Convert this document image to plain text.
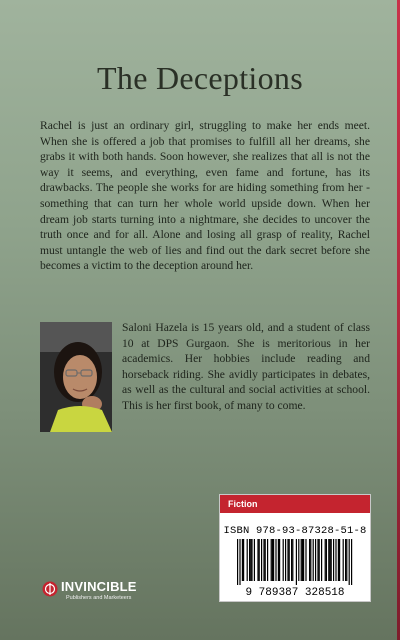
The Deceptions
Rachel is just an ordinary girl, struggling to make her ends meet. When she is offered a job that promises to fulfill all her dreams, she grabs it with both hands. Soon however, she realizes that all is not the way it seems, and everything, even fame and fortune, has its drawbacks. The people she works for are hiding something from her - something that can turn her whole world upside down. When her dream job starts turning into a nightmare, she decides to uncover the truth once and for all. Alone and losing all grasp of reality, Rachel must untangle the web of lies and find out the dark secret before she becomes a victim to the deception around her.
Saloni Hazela is 15 years old, and a student of class 10 at DPS Gurgaon. She is meritorious in her academics. Her hobbies include reading and horseback riding. She avidly participates in debates, as well as the cultural and social activities at school. This is her first book, of many to come.
Fiction
ISBN 978-93-87328-51-8
9 789387 328518
INVINCIBLE
Publishers and Marketeers
